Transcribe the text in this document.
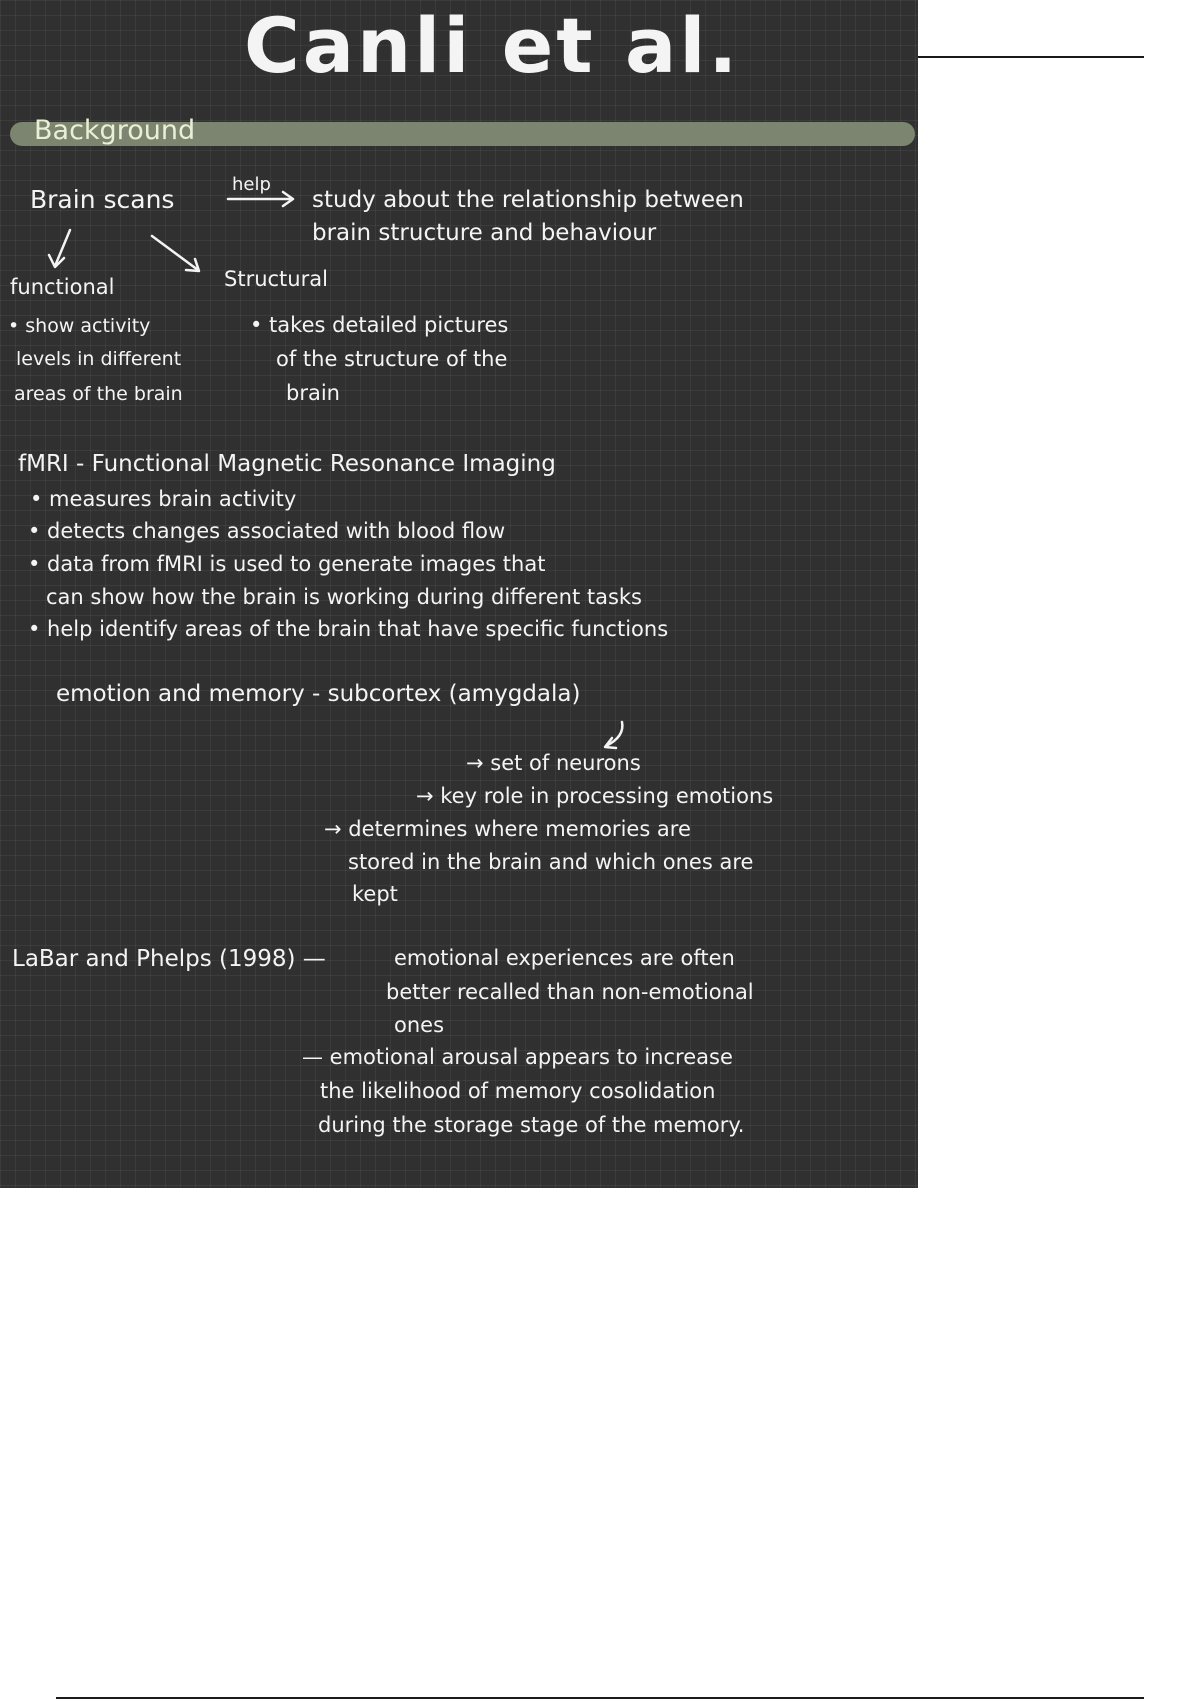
Canli et al.
Background
Brain scans
help
study about the relationship between
brain structure and behaviour
functional
• show activity
levels in different
areas of the brain
Structural
• takes detailed pictures
of the structure of the
brain
fMRI - Functional Magnetic Resonance Imaging
• measures brain activity
• detects changes associated with blood flow
• data from fMRI is used to generate images that
can show how the brain is working during different tasks
• help identify areas of the brain that have specific functions
emotion and memory - subcortex (amygdala)
→ set of neurons
→ key role in processing emotions
→ determines where memories are
stored in the brain and which ones are
kept
LaBar and Phelps (1998) —	emotional experiences are often
better recalled than non-emotional
ones
— emotional arousal appears to increase
the likelihood of memory cosolidation
during the storage stage of the memory.
